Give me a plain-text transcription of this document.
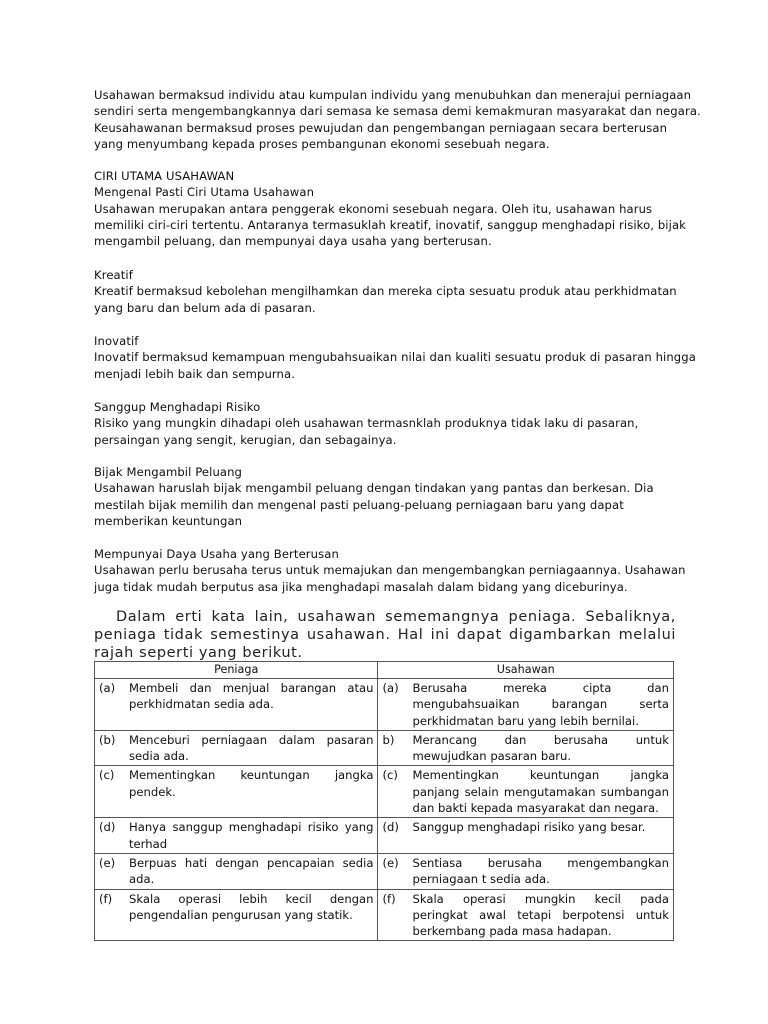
Usahawan bermaksud individu atau kumpulan individu yang menubuhkan dan menerajui perniagaan
sendiri serta mengembangkannya dari semasa ke semasa demi kemakmuran masyarakat dan negara.
Keusahawanan bermaksud proses pewujudan dan pengembangan perniagaan secara berterusan
yang menyumbang kepada proses pembangunan ekonomi sesebuah negara.
CIRI UTAMA USAHAWAN
Mengenal Pasti Ciri Utama Usahawan
Usahawan merupakan antara penggerak ekonomi sesebuah negara. Oleh itu, usahawan harus
memiliki ciri-ciri tertentu. Antaranya termasuklah kreatif, inovatif, sanggup menghadapi risiko, bijak
mengambil peluang, dan mempunyai daya usaha yang berterusan.
Kreatif
Kreatif bermaksud kebolehan mengilhamkan dan mereka cipta sesuatu produk atau perkhidmatan
yang baru dan belum ada di pasaran.
Inovatif
Inovatif bermaksud kemampuan mengubahsuaikan nilai dan kualiti sesuatu produk di pasaran hingga
menjadi lebih baik dan sempurna.
Sanggup Menghadapi Risiko
Risiko yang mungkin dihadapi oleh usahawan termasnklah produknya tidak laku di pasaran,
persaingan yang sengit, kerugian, dan sebagainya.
Bijak Mengambil Peluang
Usahawan haruslah bijak mengambil peluang dengan tindakan yang pantas dan berkesan. Dia
mestilah bijak memilih dan mengenal pasti peluang-peluang perniagaan baru yang dapat
memberikan keuntungan
Mempunyai Daya Usaha yang Berterusan
Usahawan perlu berusaha terus untuk memajukan dan mengembangkan perniagaannya. Usahawan
juga tidak mudah berputus asa jika menghadapi masalah dalam bidang yang diceburinya.
Dalam erti kata lain, usahawan sememangnya peniaga. Sebaliknya,
peniaga tidak semestinya usahawan. Hal ini dapat digambarkan melalui
rajah seperti yang berikut.
Peniaga	Usahawan

(a) Membeli dan menjual barangan atau
perkhidmatan sedia ada.	(a) Berusaha mereka cipta dan
mengubahsuaikan barangan serta
perkhidmatan baru yang lebih bernilai.

(b) Menceburi perniagaan dalam pasaran
sedia ada.	b) Merancang dan berusaha untuk
mewujudkan pasaran baru.

(c) Mementingkan keuntungan jangka
pendek.	(c) Mementingkan keuntungan jangka
panjang selain mengutamakan sumbangan
dan bakti kepada masyarakat dan negara.

(d) Hanya sanggup menghadapi risiko yang
terhad	(d) Sanggup menghadapi risiko yang besar.

(e) Berpuas hati dengan pencapaian sedia
ada.	(e) Sentiasa berusaha mengembangkan
perniagaan t sedia ada.

(f) Skala operasi lebih kecil dengan
pengendalian pengurusan yang statik.	(f) Skala operasi mungkin kecil pada
peringkat awal tetapi berpotensi untuk
berkembang pada masa hadapan.
